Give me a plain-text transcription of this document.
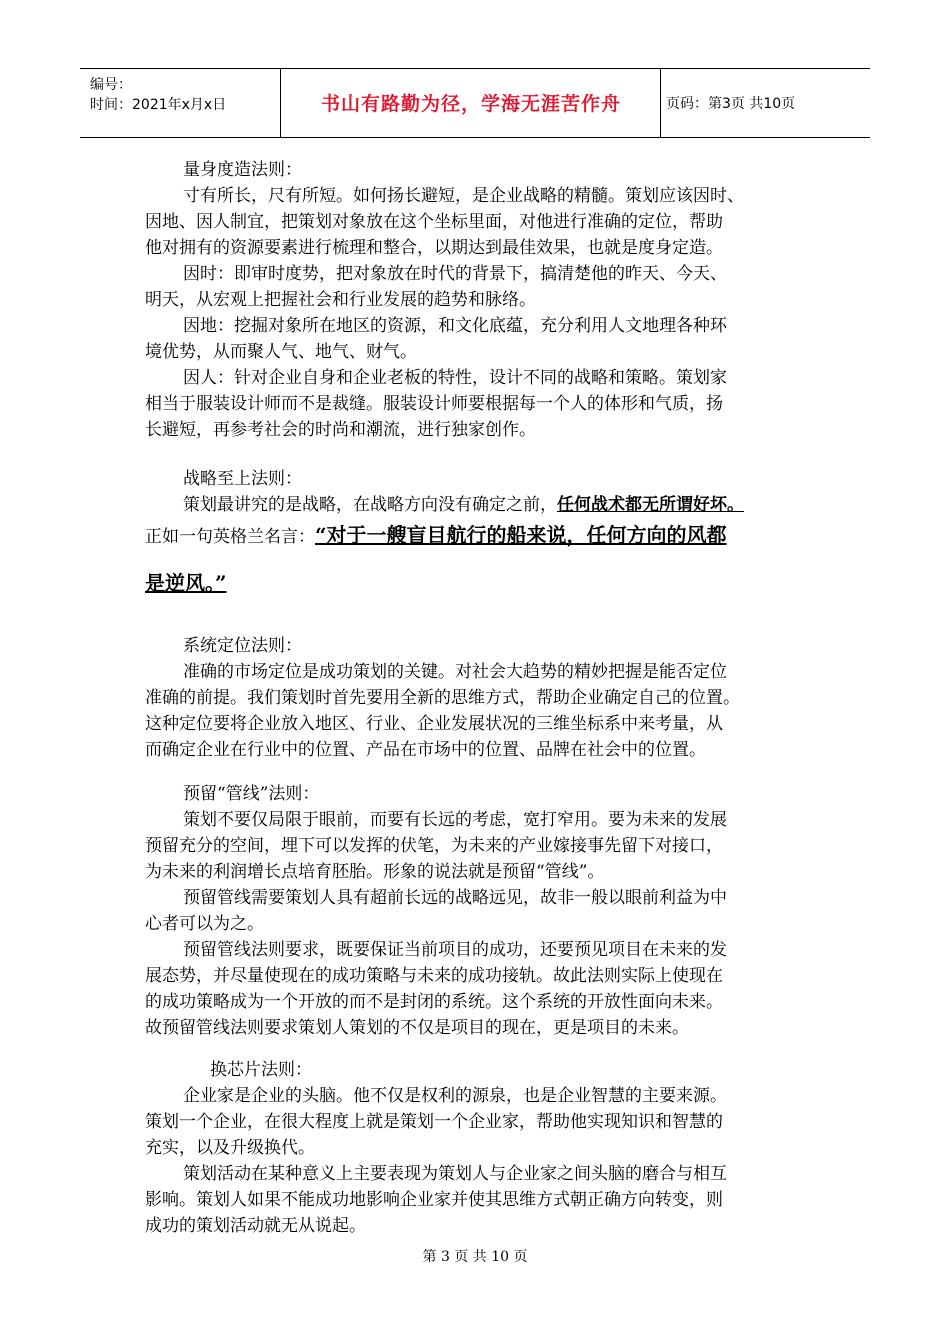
编号：
时间：2021年x月x日	书山有路勤为径，学海无涯苦作舟	页码：第3页 共10页
量身度造法则：
寸有所长，尺有所短。如何扬长避短，是企业战略的精髓。策划应该因时、
因地、因人制宜，把策划对象放在这个坐标里面，对他进行准确的定位，帮助
他对拥有的资源要素进行梳理和整合，以期达到最佳效果，也就是度身定造。
因时：即审时度势，把对象放在时代的背景下，搞清楚他的昨天、今天、
明天，从宏观上把握社会和行业发展的趋势和脉络。
因地：挖掘对象所在地区的资源，和文化底蕴，充分利用人文地理各种环
境优势，从而聚人气、地气、财气。
因人：针对企业自身和企业老板的特性，设计不同的战略和策略。策划家
相当于服装设计师而不是裁缝。服装设计师要根据每一个人的体形和气质，扬
长避短，再参考社会的时尚和潮流，进行独家创作。
战略至上法则：
策划最讲究的是战略，在战略方向没有确定之前，任何战术都无所谓好坏。
正如一句英格兰名言：“对于一艘盲目航行的船来说，任何方向的风都
是逆风。”
系统定位法则：
准确的市场定位是成功策划的关键。对社会大趋势的精妙把握是能否定位
准确的前提。我们策划时首先要用全新的思维方式，帮助企业确定自己的位置。
这种定位要将企业放入地区、行业、企业发展状况的三维坐标系中来考量，从
而确定企业在行业中的位置、产品在市场中的位置、品牌在社会中的位置。
预留“管线”法则：
策划不要仅局限于眼前，而要有长远的考虑，宽打窄用。要为未来的发展
预留充分的空间，埋下可以发挥的伏笔，为未来的产业嫁接事先留下对接口，
为未来的利润增长点培育胚胎。形象的说法就是预留“管线”。
预留管线需要策划人具有超前长远的战略远见，故非一般以眼前利益为中
心者可以为之。
预留管线法则要求，既要保证当前项目的成功，还要预见项目在未来的发
展态势，并尽量使现在的成功策略与未来的成功接轨。故此法则实际上使现在
的成功策略成为一个开放的而不是封闭的系统。这个系统的开放性面向未来。
故预留管线法则要求策划人策划的不仅是项目的现在，更是项目的未来。
换芯片法则：
企业家是企业的头脑。他不仅是权利的源泉，也是企业智慧的主要来源。
策划一个企业，在很大程度上就是策划一个企业家，帮助他实现知识和智慧的
充实，以及升级换代。
策划活动在某种意义上主要表现为策划人与企业家之间头脑的磨合与相互
影响。策划人如果不能成功地影响企业家并使其思维方式朝正确方向转变，则
成功的策划活动就无从说起。
第 3 页 共 10 页
